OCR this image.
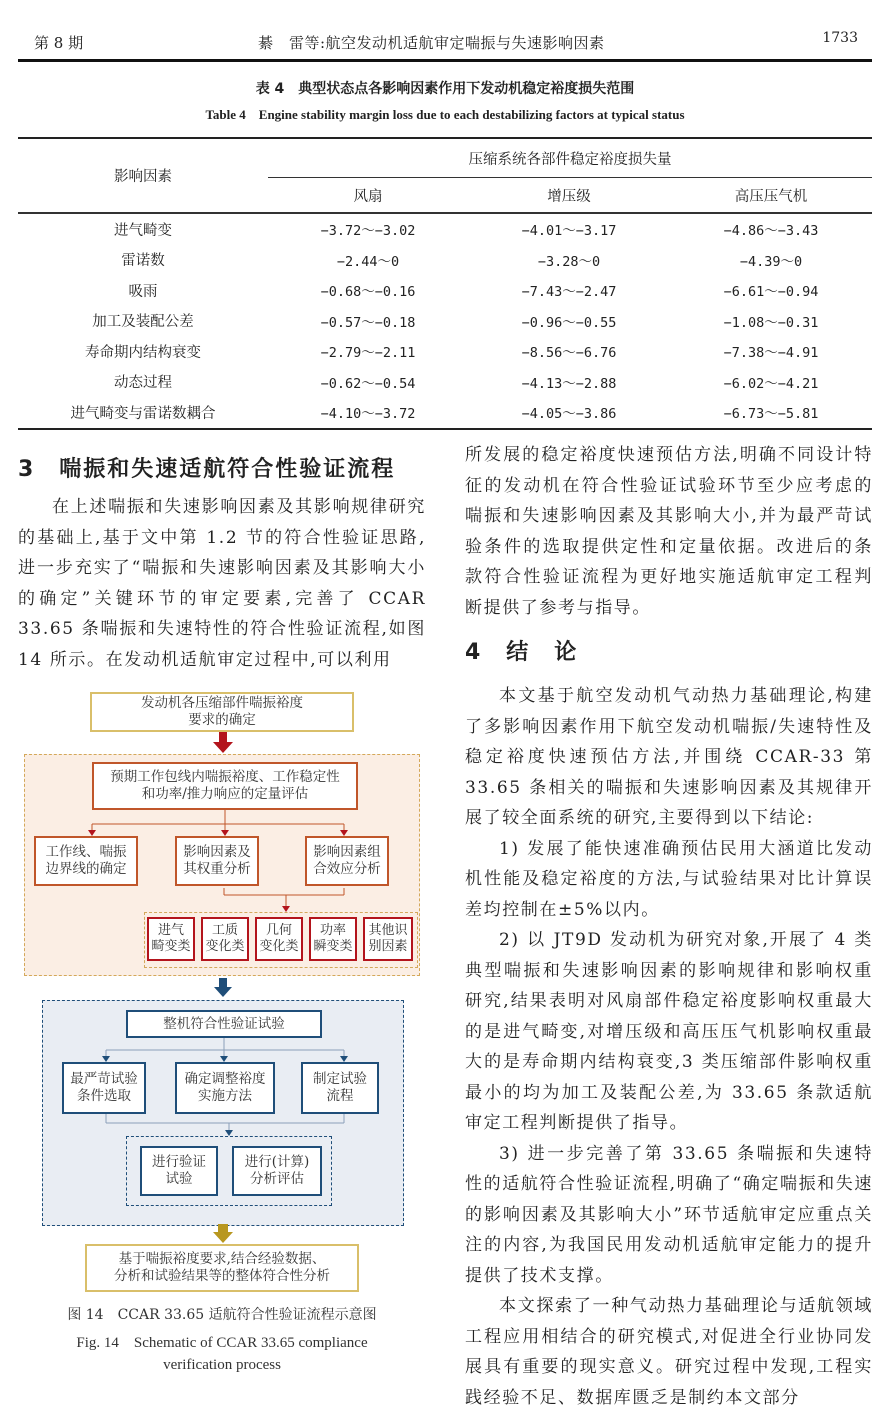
第 8 期	綦　雷等:航空发动机适航审定喘振与失速影响因素	1733
表 4　典型状态点各影响因素作用下发动机稳定裕度损失范围
Table 4　Engine stability margin loss due to each destabilizing factors at typical status
影响因素	压缩系统各部件稳定裕度损失量		
	风扇	增压级	高压压气机
进气畸变	−3.72～−3.02	−4.01～−3.17	−4.86～−3.43
雷诺数	−2.44～0	−3.28～0	−4.39～0
吸雨	−0.68～−0.16	−7.43～−2.47	−6.61～−0.94
加工及装配公差	−0.57～−0.18	−0.96～−0.55	−1.08～−0.31
寿命期内结构衰变	−2.79～−2.11	−8.56～−6.76	−7.38～−4.91
动态过程	−0.62～−0.54	−4.13～−2.88	−6.02～−4.21
进气畸变与雷诺数耦合	−4.10～−3.72	−4.05～−3.86	−6.73～−5.81
3　喘振和失速适航符合性验证流程

在上述喘振和失速影响因素及其影响规律研究的基础上,基于文中第 1.2 节的符合性验证思路,进一步充实了“喘振和失速影响因素及其影响大小的确定”关键环节的审定要素,完善了 CCAR 33.65 条喘振和失速特性的符合性验证流程,如图 14 所示。在发动机适航审定过程中,可以利用

所发展的稳定裕度快速预估方法,明确不同设计特征的发动机在符合性验证试验环节至少应考虑的喘振和失速影响因素及其影响大小,并为最严苛试验条件的选取提供定性和定量依据。改进后的条款符合性验证流程为更好地实施适航审定工程判断提供了参考与指导。

4　结　论

本文基于航空发动机气动热力基础理论,构建了多影响因素作用下航空发动机喘振/失速特性及稳定裕度快速预估方法,并围绕 CCAR-33 第 33.65 条相关的喘振和失速影响因素及其规律开展了较全面系统的研究,主要得到以下结论:

1) 发展了能快速准确预估民用大涵道比发动机性能及稳定裕度的方法,与试验结果对比计算误差均控制在±5%以内。

2) 以 JT9D 发动机为研究对象,开展了 4 类典型喘振和失速影响因素的影响规律和影响权重研究,结果表明对风扇部件稳定裕度影响权重最大的是进气畸变,对增压级和高压压气机影响权重最大的是寿命期内结构衰变,3 类压缩部件影响权重最小的均为加工及装配公差,为 33.65 条款适航审定工程判断提供了指导。

3) 进一步完善了第 33.65 条喘振和失速特性的适航符合性验证流程,明确了“确定喘振和失速的影响因素及其影响大小”环节适航审定应重点关注的内容,为我国民用发动机适航审定能力的提升提供了技术支撑。

本文探索了一种气动热力基础理论与适航领域工程应用相结合的研究模式,对促进全行业协同发展具有重要的现实意义。研究过程中发现,工程实践经验不足、数据库匮乏是制约本文部分

发动机各压缩部件喘振裕度
要求的确定
预期工作包线内喘振裕度、工作稳定性
和功率/推力响应的定量评估
工作线、喘振
边界线的确定
影响因素及
其权重分析
影响因素组
合效应分析
进气
畸变类
工质
变化类
几何
变化类
功率
瞬变类
其他识
别因素
整机符合性验证试验
最严苛试验
条件选取
确定调整裕度
实施方法
制定试验
流程
进行验证
试验
进行(计算)
分析评估
基于喘振裕度要求,结合经验数据、
分析和试验结果等的整体符合性分析
图 14　CCAR 33.65 适航符合性验证流程示意图
Fig. 14　Schematic of CCAR 33.65 compliance
verification process
